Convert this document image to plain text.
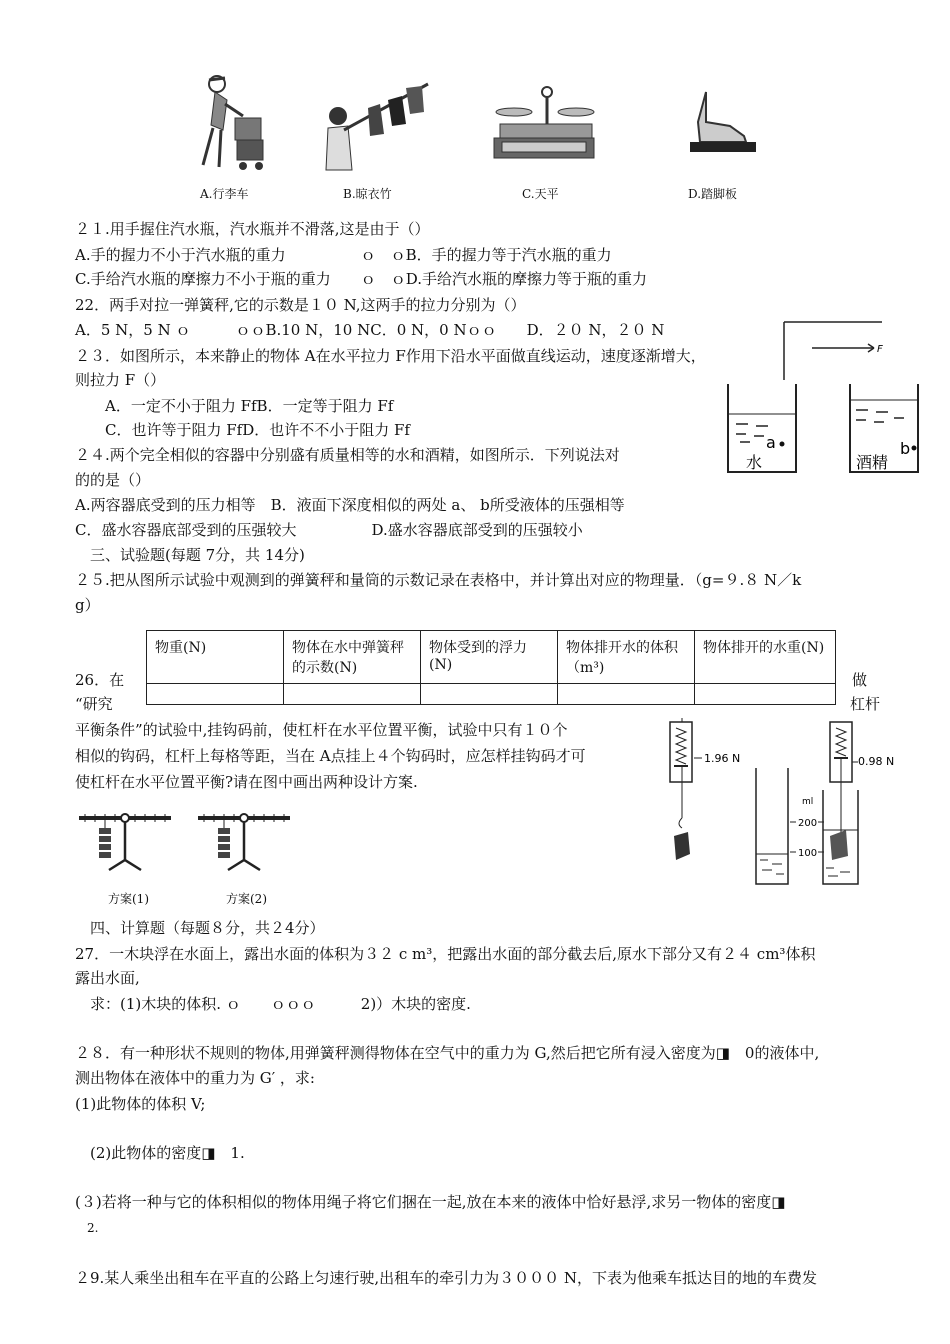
A.行李车	B.晾衣竹	C.天平	D.踏脚板
２１.用手握住汽水瓶，汽水瓶并不滑落,这是由于（）
A.手的握力不小于汽水瓶的重力　　　　　ｏ　ｏB．手的握力等于汽水瓶的重力
C.手给汽水瓶的摩擦力不小于瓶的重力　　ｏ　ｏD.手给汽水瓶的摩擦力等于瓶的重力
22．两手对拉一弹簧秤,它的示数是１０ N,这两手的拉力分别为（）
A．5 N，5 N ｏ　　　ｏｏB.10 N，10 NC．0 N，0 Nｏｏ　　D．２０ N，２０ N
F
２３．如图所示，本来静止的物体 A在水平拉力 F作用下沿水平面做直线运动，速度逐渐增大，
则拉力 F（）
A．一定不小于阻力 FfB．一定等于阻力 Ff
C．也许等于阻力 FfD．也许不不小于阻力 Ff
a
水
b
酒精
２４.两个完全相似的容器中分别盛有质量相等的水和酒精，如图所示．下列说法对
的的是（）
A.两容器底受到的压力相等　B．液面下深度相似的两处 a、 b所受液体的压强相等
C．盛水容器底部受到的压强较大　　　　　D.盛水容器底部受到的压强较小
　三、试验题(每题 7分，共 14分)
２５.把从图所示试验中观测到的弹簧秤和量筒的示数记录在表格中，并计算出对应的物理量．（g=９.８ N／k
g）
物重(N)	物体在水中弹簧秤的示数(N)	物体受到的浮力(N)	物体排开水的体积（m³)	物体排开的水重(N)

26．在
“研究
做
杠杆
平衡条件”的试验中,挂钩码前，使杠杆在水平位置平衡，试验中只有１０个
相似的钩码，杠杆上每格等距，当在 A点挂上４个钩码时，应怎样挂钩码才可
使杠杆在水平位置平衡?请在图中画出两种设计方案.
1.96 N	0.98 N
ml
200
100
方案(1)	方案(2)
　四、计算题（每题８分，共２4分）
27．一木块浮在水面上，露出水面的体积为３２ c m³，把露出水面的部分截去后,原水下部分又有２４ cm³体积
露出水面,
　求：(1)木块的体积. ｏ　　ｏｏｏ　　　2)）木块的密度.
２８．有一种形状不规则的物体,用弹簧秤测得物体在空气中的重力为 G,然后把它所有浸入密度为◨　0的液体中,
测出物体在液体中的重力为 G′ ，求:
(1)此物体的体积 V;
　(2)此物体的密度◨　1.
(３)若将一种与它的体积相似的物体用绳子将它们捆在一起,放在本来的液体中恰好悬浮,求另一物体的密度◨
　2.
２9.某人乘坐出租车在平直的公路上匀速行驶,出租车的牵引力为３０００ N，下表为他乘车抵达目的地的车费发
